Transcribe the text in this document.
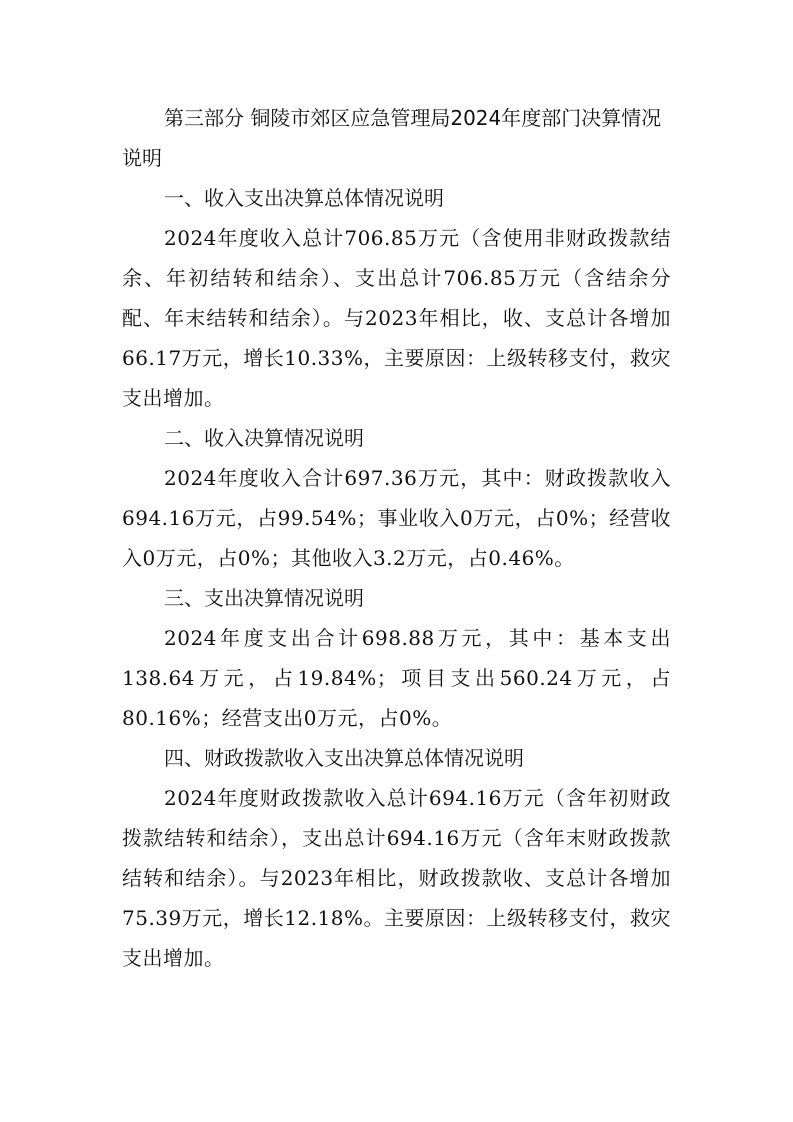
第三部分 铜陵市郊区应急管理局2024年度部门决算情况说明

一、收入支出决算总体情况说明

2024年度收入总计706.85万元（含使用非财政拨款结余、年初结转和结余）、支出总计706.85万元（含结余分配、年末结转和结余）。与2023年相比，收、支总计各增加66.17万元，增长10.33%，主要原因：上级转移支付，救灾支出增加。

二、收入决算情况说明

2024年度收入合计697.36万元，其中：财政拨款收入694.16万元，占99.54%；事业收入0万元，占0%；经营收入0万元，占0%；其他收入3.2万元，占0.46%。

三、支出决算情况说明

2024年度支出合计698.88万元，其中：基本支出138.64万元，占19.84%；项目支出560.24万元，占80.16%；经营支出0万元，占0%。

四、财政拨款收入支出决算总体情况说明

2024年度财政拨款收入总计694.16万元（含年初财政拨款结转和结余），支出总计694.16万元（含年末财政拨款结转和结余）。与2023年相比，财政拨款收、支总计各增加75.39万元，增长12.18%。主要原因：上级转移支付，救灾支出增加。
